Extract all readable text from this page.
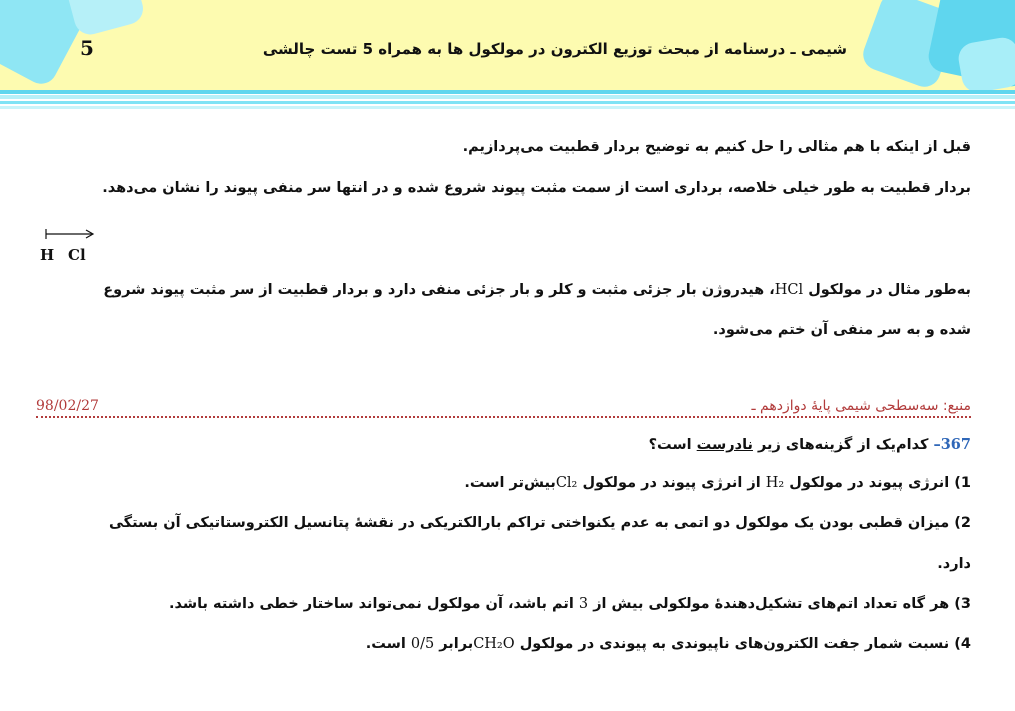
5	شیمی ـ درسنامه از مبحث توزیع الکترون در مولکول ها به همراه 5 تست چالشی
قبل از اینکه با هم مثالی را حل کنیم به توضیح بردار قطبیت می‌پردازیم.
بردار قطبیت به طور خیلی خلاصه، برداری است از سمت مثبت پیوند شروع شده و در انتها سر منفی پیوند را نشان می‌دهد.
H Cl
به‌طور مثال در مولکول HCl، هیدروژن بار جزئی مثبت و کلر و بار جزئی منفی دارد و بردار قطبیت از سر مثبت پیوند شروع
شده و به سر منفی آن ختم می‌شود.
منبع: سه‌سطحی شیمی پایهٔ دوازدهم ـ
98/02/27
367– کدام‌یک از گزینه‌های زیر نادرست است؟
1) انرژی پیوند در مولکول H₂ از انرژی پیوند در مولکول Cl₂بیش‌تر است.
2) میزان قطبی بودن یک مولکول دو اتمی به عدم یکنواختی تراکم بارالکتریکی در نقشهٔ پتانسیل الکتروستاتیکی آن بستگی
دارد.
3) هر گاه تعداد اتم‌های تشکیل‌دهندهٔ مولکولی بیش از 3 اتم باشد، آن مولکول نمی‌تواند ساختار خطی داشته باشد.
4) نسبت شمار جفت الکترون‌های ناپیوندی به پیوندی در مولکول CH₂Oبرابر 0/5 است.
